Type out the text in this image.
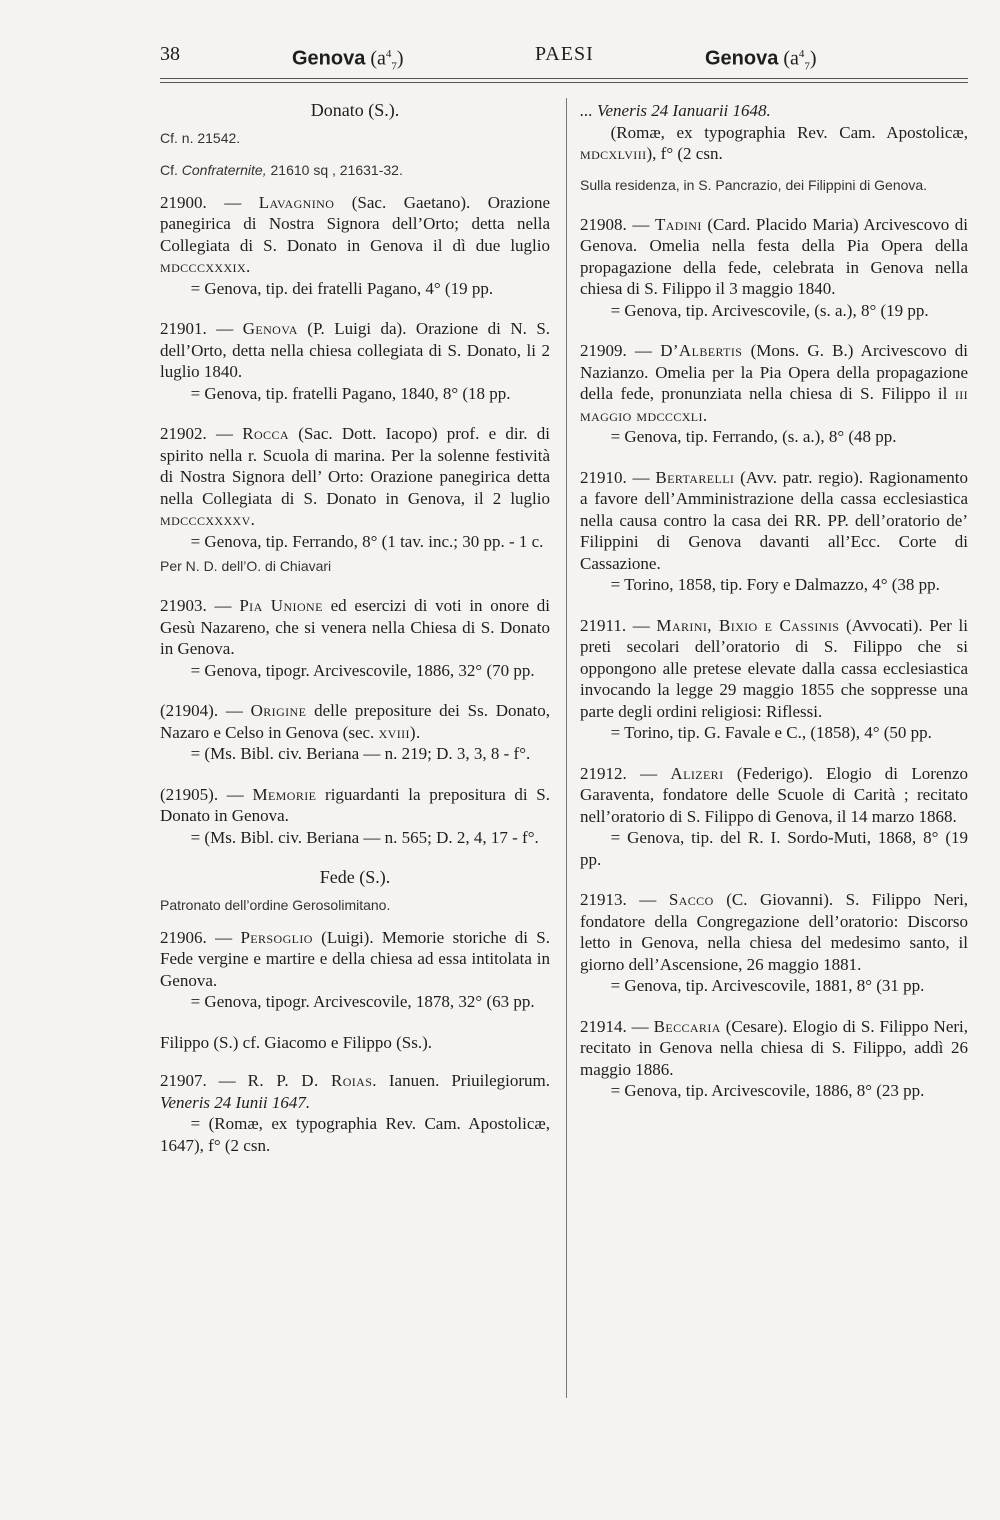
38	Genova $(a^4_7)$	PAESI	Genova $(a^4_7)$
Donato (S.).
Cf. n. 21542.
Cf. Confraternite, 21610 sq , 21631-32.

21900. — Lavagnino (Sac. Gaetano). Orazione panegirica di Nostra Signora dell’Orto; detta nella Collegiata di S. Donato in Genova il dì due luglio mdcccxxxix.

= Genova, tip. dei fratelli Pagano, 4° (19 pp.

21901. — Genova (P. Luigi da). Orazione di N. S. dell’Orto, detta nella chiesa collegiata di S. Donato, li 2 luglio 1840.

= Genova, tip. fratelli Pagano, 1840, 8° (18 pp.

21902. — Rocca (Sac. Dott. Iacopo) prof. e dir. di spirito nella r. Scuola di marina. Per la solenne festività di Nostra Signora dell’ Orto: Orazione panegirica detta nella Collegiata di S. Donato in Genova, il 2 luglio mdcccxxxxv.

= Genova, tip. Ferrando, 8° (1 tav. inc.; 30 pp. - 1 c.

Per N. D. dell’O. di Chiavari

21903. — Pia Unione ed esercizi di voti in onore di Gesù Nazareno, che si venera nella Chiesa di S. Donato in Genova.

= Genova, tipogr. Arcivescovile, 1886, 32° (70 pp.

(21904). — Origine delle prepositure dei Ss. Donato, Nazaro e Celso in Genova (sec. xviii).

= (Ms. Bibl. civ. Beriana — n. 219; D. 3, 3, 8 - f°.

(21905). — Memorie riguardanti la prepositura di S. Donato in Genova.

= (Ms. Bibl. civ. Beriana — n. 565; D. 2, 4, 17 - f°.

Fede (S.).
Patronato dell’ordine Gerosolimitano.

21906. — Persoglio (Luigi). Memorie storiche di S. Fede vergine e martire e della chiesa ad essa intitolata in Genova.

= Genova, tipogr. Arcivescovile, 1878, 32° (63 pp.

Filippo (S.) cf. Giacomo e Filippo (Ss.).

21907. — R. P. D. Roias. Ianuen. Priuilegiorum. Veneris 24 Iunii 1647.

= (Romæ, ex typographia Rev. Cam. Apostolicæ, 1647), f° (2 csn.

... Veneris 24 Ianuarii 1648.

(Romæ, ex typographia Rev. Cam. Apostolicæ, mdcxlviii), f° (2 csn.

Sulla residenza, in S. Pancrazio, dei Filippini di Genova.

21908. — Tadini (Card. Placido Maria) Arcivescovo di Genova. Omelia nella festa della Pia Opera della propagazione della fede, celebrata in Genova nella chiesa di S. Filippo il 3 maggio 1840.

= Genova, tip. Arcivescovile, (s. a.), 8° (19 pp.

21909. — D’Albertis (Mons. G. B.) Arcivescovo di Nazianzo. Omelia per la Pia Opera della propagazione della fede, pronunziata nella chiesa di S. Filippo il iii maggio mdcccxli.

= Genova, tip. Ferrando, (s. a.), 8° (48 pp.

21910. — Bertarelli (Avv. patr. regio). Ragionamento a favore dell’Amministrazione della cassa ecclesiastica nella causa contro la casa dei RR. PP. dell’oratorio de’ Filippini di Genova davanti all’Ecc. Corte di Cassazione.

= Torino, 1858, tip. Fory e Dalmazzo, 4° (38 pp.

21911. — Marini, Bixio e Cassinis (Avvocati). Per li preti secolari dell’oratorio di S. Filippo che si oppongono alle pretese elevate dalla cassa ecclesiastica invocando la legge 29 maggio 1855 che soppresse una parte degli ordini religiosi: Riflessi.

= Torino, tip. G. Favale e C., (1858), 4° (50 pp.

21912. — Alizeri (Federigo). Elogio di Lorenzo Garaventa, fondatore delle Scuole di Carità ; recitato nell’oratorio di S. Filippo di Genova, il 14 marzo 1868.

= Genova, tip. del R. I. Sordo-Muti, 1868, 8° (19 pp.

21913. — Sacco (C. Giovanni). S. Filippo Neri, fondatore della Congregazione dell’oratorio: Discorso letto in Genova, nella chiesa del medesimo santo, il giorno dell’Ascensione, 26 maggio 1881.

= Genova, tip. Arcivescovile, 1881, 8° (31 pp.

21914. — Beccaria (Cesare). Elogio di S. Filippo Neri, recitato in Genova nella chiesa di S. Filippo, addì 26 maggio 1886.

= Genova, tip. Arcivescovile, 1886, 8° (23 pp.
